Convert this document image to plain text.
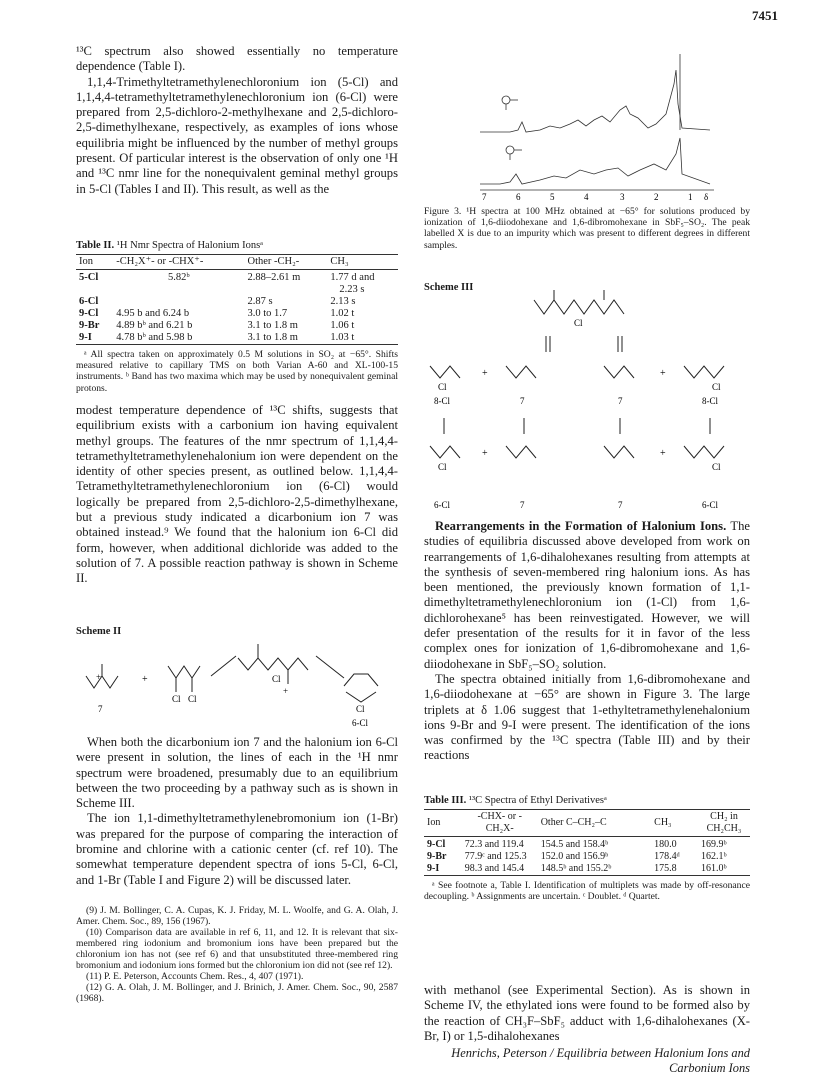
7451

¹³C spectrum also showed essentially no temperature dependence (Table I).

1,1,4-Trimethyltetramethylenechloronium ion (5-Cl) and 1,1,4,4-tetramethyltetramethylenechloronium ion (6-Cl) were prepared from 2,5-dichloro-2-methylhexane and 2,5-dichloro-2,5-dimethylhexane, respectively, as examples of ions whose equilibria might be influenced by the number of methyl groups present. Of particular interest is the observation of only one ¹H and ¹³C nmr line for the nonequivalent geminal methyl groups in 5-Cl (Tables I and II). This result, as well as the

Table II. ¹H Nmr Spectra of Halonium Ionsᵃ
Ion	-CH₂X⁺- or -CHX⁺-	Other -CH₂-	CH₃
5-Cl	5.82ᵇ	2.88–2.61 m	1.77 d and
			2.23 s
6-Cl		2.87 s	2.13 s
9-Cl	4.95 b and 6.24 b	3.0 to 1.7	1.02 t
9-Br	4.89 bᵇ and 6.21 b	3.1 to 1.8 m	1.06 t
9-I	4.78 bᵇ and 5.98 b	3.1 to 1.8 m	1.03 t
ᵃ All spectra taken on approximately 0.5 M solutions in SO₂ at −65°. Shifts measured relative to capillary TMS on both Varian A-60 and XL-100-15 instruments. ᵇ Band has two maxima which may be used by nonequivalent geminal protons.

modest temperature dependence of ¹³C shifts, suggests that equilibrium exists with a carbonium ion having equivalent methyl groups. The features of the nmr spectrum of 1,1,4,4-tetramethyltetramethylenehalonium ion were dependent on the identity of other species present, as outlined below. 1,1,4,4-Tetramethyltetramethylenechloronium ion (6-Cl) would logically be prepared from 2,5-dichloro-2,5-dimethylhexane, but a previous study indicated a dicarbonium ion 7 was obtained instead.⁹ We found that the halonium ion 6-Cl did form, however, when additional dichloride was added to the solution of 7. A possible reaction pathway is shown in Scheme II.

Scheme II
+	+
Cl Cl
Cl
+
Cl
7
6-Cl

When both the dicarbonium ion 7 and the halonium ion 6-Cl were present in solution, the lines of each in the ¹H nmr spectrum were broadened, presumably due to an equilibrium between the two proceeding by a pathway such as is shown in Scheme III.

The ion 1,1-dimethyltetramethylenebromonium ion (1-Br) was prepared for the purpose of comparing the interaction of bromine and chlorine with a cationic center (cf. ref 10). The somewhat temperature dependent spectra of ions 5-Cl, 6-Cl, and 1-Br (Table I and Figure 2) will be discussed later.

(9) J. M. Bollinger, C. A. Cupas, K. J. Friday, M. L. Woolfe, and G. A. Olah, J. Amer. Chem. Soc., 89, 156 (1967).
(10) Comparison data are available in ref 6, 11, and 12. It is relevant that six-membered ring iodonium and bromonium ions have been prepared but the chloronium ion has not (see ref 6) and that unsubstituted three-membered ring bromonium and iodonium ions formed but the chloronium ion did not (see ref 12).
(11) P. E. Peterson, Accounts Chem. Res., 4, 407 (1971).
(12) G. A. Olah, J. M. Bollinger, and J. Brinich, J. Amer. Chem. Soc., 90, 2587 (1968).
7	6	5	4	3	2	1 δ
Figure 3. ¹H spectra at 100 MHz obtained at −65° for solutions produced by ionization of 1,6-diiodohexane and 1,6-dibromohexane in SbF₅–SO₂. The peak labelled X is due to an impurity which was present to different degrees in different samples.
Scheme III
Cl
+	+
+	+
Cl	Cl
Cl	Cl
8-Cl	7	7	8-Cl
6-Cl	7	7	6-Cl

Rearrangements in the Formation of Halonium Ions. The studies of equilibria discussed above developed from work on rearrangements of 1,6-dihalohexanes resulting from attempts at the synthesis of seven-membered ring halonium ions. As has been mentioned, the previously known formation of 1,1-dimethyltetramethylenechloronium ion (1-Cl) from 1,6-dichlorohexane⁵ has been reinvestigated. However, we will defer presentation of the results for it in favor of the less complex ones for ionization of 1,6-dibromohexane and 1,6-diiodohexane in SbF₅–SO₂ solution.

The spectra obtained initially from 1,6-dibromohexane and 1,6-diiodohexane at −65° are shown in Figure 3. The large triplets at δ 1.06 suggest that 1-ethyltetramethylenehalonium ions 9-Br and 9-I were present. The identification of the ions was confirmed by the ¹³C spectra (Table III) and by their reactions

Table III. ¹³C Spectra of Ethyl Derivativesᵃ
Ion	-CHX- or -CH₂X-	Other C–CH₂–C	CH₃	CH₂ in CH₂CH₃
9-Cl	72.3 and 119.4	154.5 and 158.4ᵇ	180.0	169.9ᵇ
9-Br	77.9ᶜ and 125.3	152.0 and 156.9ᵇ	178.4ᵈ	162.1ᵇ
9-I	98.3 and 145.4	148.5ᵇ and 155.2ᵇ	175.8	161.0ᵇ
ᵃ See footnote a, Table I. Identification of multiplets was made by off-resonance decoupling. ᵇ Assignments are uncertain. ᶜ Doublet. ᵈ Quartet.

with methanol (see Experimental Section). As is shown in Scheme IV, the ethylated ions were found to be formed also by the reaction of CH₃F–SbF₅ adduct with 1,6-dihalohexanes (X-Br, I) or 1,5-dihalohexanes

Henrichs, Peterson / Equilibria between Halonium Ions and Carbonium Ions
